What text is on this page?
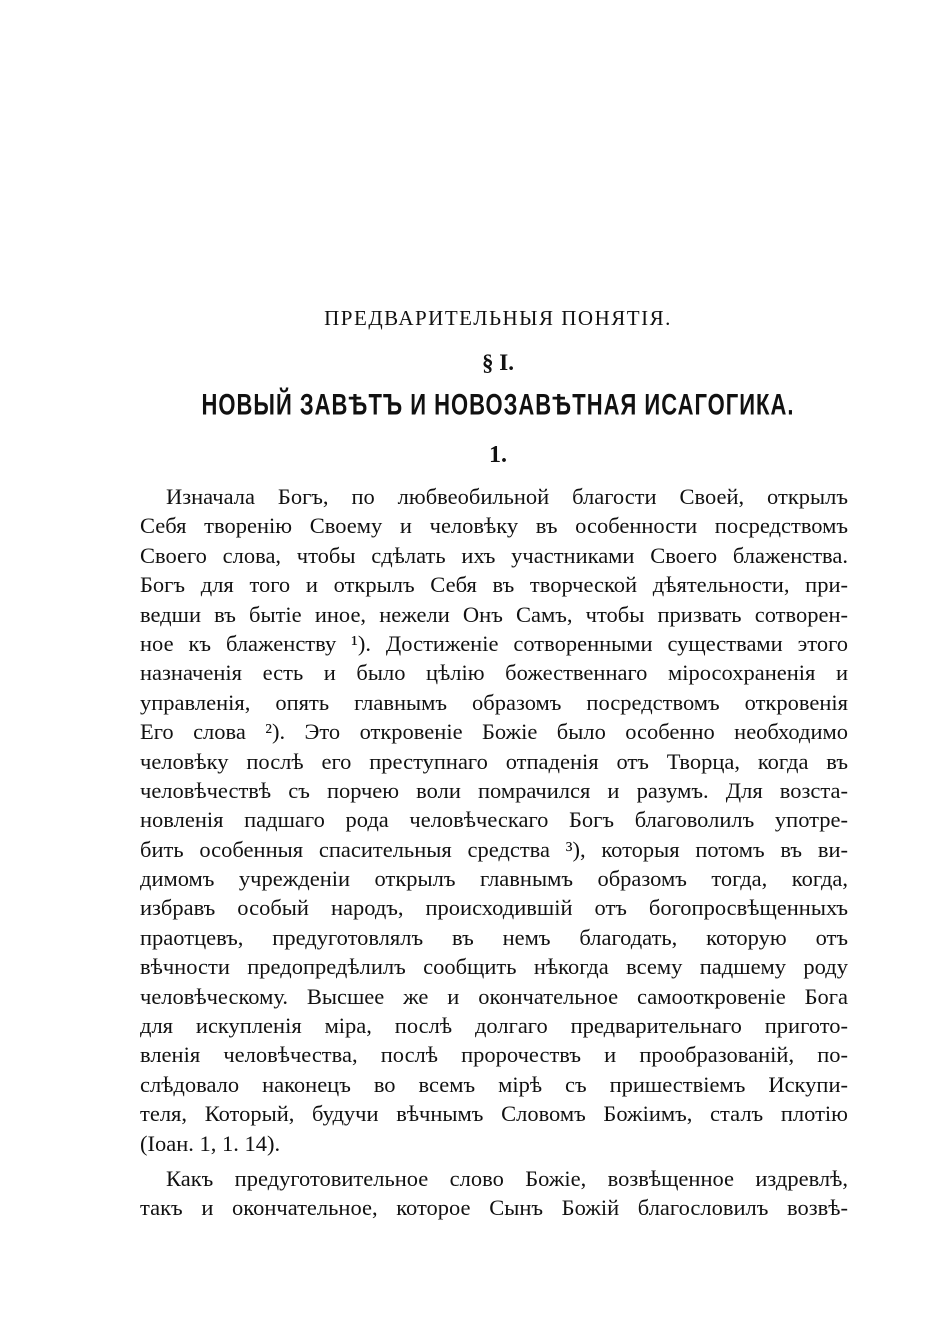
ПРЕДВАРИТЕЛЬНЫЯ ПОНЯТІЯ.
§ I.
НОВЫЙ ЗАВѢТЪ И НОВОЗАВѢТНАЯ ИСАГОГИКА.
1.
Изначала Богъ, по любвеобильной благости Своей, открылъ
Себя творенію Своему и человѣку въ особенности посредствомъ
Своего слова, чтобы сдѣлать ихъ участниками Своего блаженства.
Богъ для того и открылъ Себя въ творческой дѣятельности, при-
ведши въ бытіе иное, нежели Онъ Самъ, чтобы призвать сотворен-
ное къ блаженству ¹). Достиженіе сотворенными существами этого
назначенія есть и было цѣлію божественнаго міросохраненія и
управленія, опять главнымъ образомъ посредствомъ откровенія
Его слова ²). Это откровеніе Божіе было особенно необходимо
человѣку послѣ его преступнаго отпаденія отъ Творца, когда въ
человѣчествѣ съ порчею воли помрачился и разумъ. Для возста-
новленія падшаго рода человѣческаго Богъ благоволилъ употре-
бить особенныя спасительныя средства ³), которыя потомъ въ ви-
димомъ учрежденіи открылъ главнымъ образомъ тогда, когда,
избравъ особый народъ, происходившій отъ богопросвѣщенныхъ
праотцевъ, предуготовлялъ въ немъ благодать, которую отъ
вѣчности предопредѣлилъ сообщить нѣкогда всему падшему роду
человѣческому. Высшее же и окончательное самооткровеніе Бога
для искупленія міра, послѣ долгаго предварительнаго пригото-
вленія человѣчества, послѣ пророчествъ и прообразованій, по-
слѣдовало наконецъ во всемъ мірѣ съ пришествіемъ Искупи-
теля, Который, будучи вѣчнымъ Словомъ Божіимъ, сталъ плотію
(Іоан. 1, 1. 14).
Какъ предуготовительное слово Божіе, возвѣщенное издревлѣ,
такъ и окончательное, которое Сынъ Божій благословилъ возвѣ-
